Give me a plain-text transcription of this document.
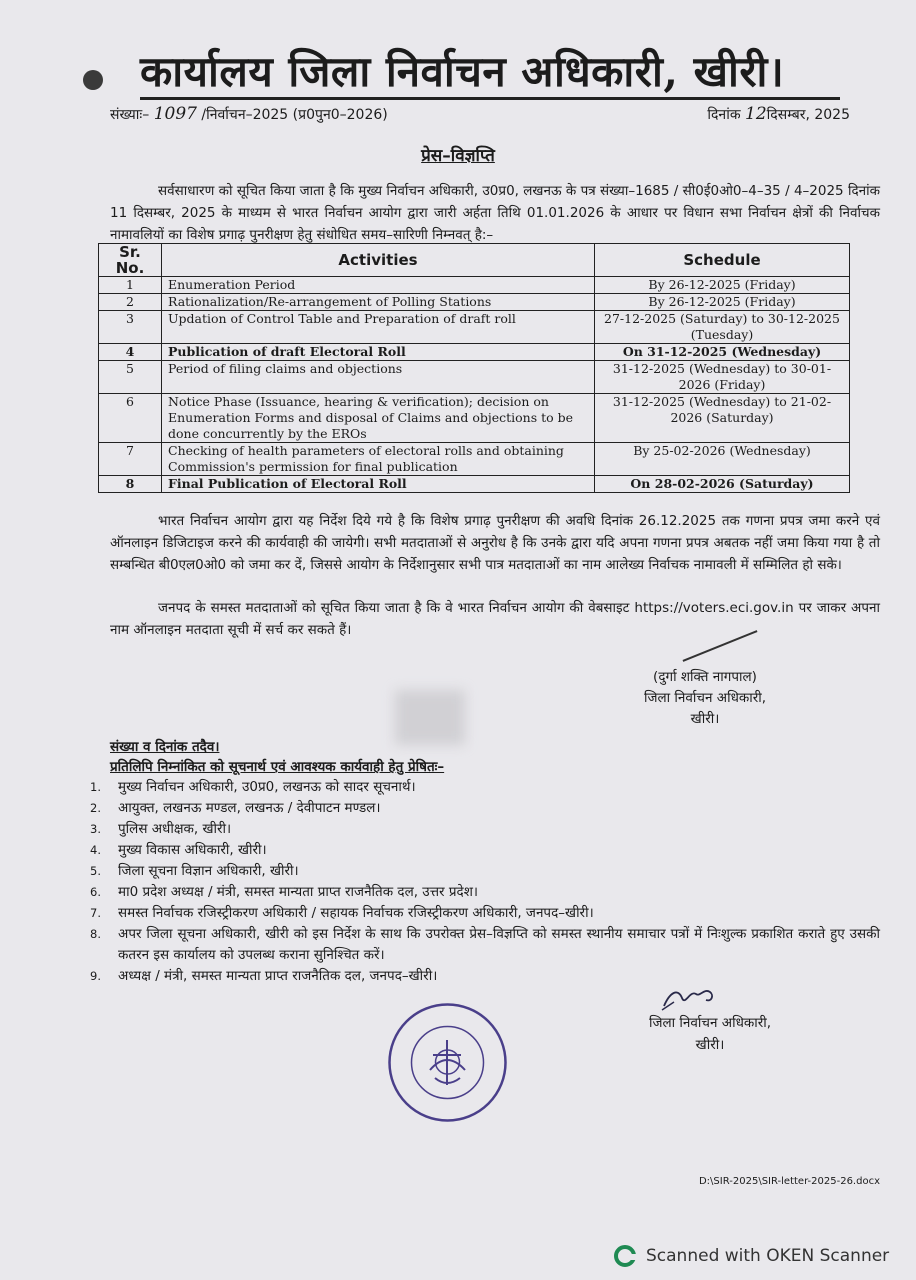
कार्यालय जिला निर्वाचन अधिकारी, खीरी।
संख्याः– 1097 /निर्वाचन–2025 (प्र0पुन0–2026)	दिनांक 12दिसम्बर, 2025
प्रेस–विज्ञप्ति
सर्वसाधारण को सूचित किया जाता है कि मुख्य निर्वाचन अधिकारी, उ0प्र0, लखनऊ के पत्र संख्या–1685 / सी0ई0ओ0–4–35 / 4–2025 दिनांक 11 दिसम्बर, 2025 के माध्यम से भारत निर्वाचन आयोग द्वारा जारी अर्हता तिथि 01.01.2026 के आधार पर विधान सभा निर्वाचन क्षेत्रों की निर्वाचक नामावलियों का विशेष प्रगाढ़ पुनरीक्षण हेतु संधोधित समय–सारिणी निम्नवत् है:–
Sr. No.	Activities	Schedule
1	Enumeration Period	By 26-12-2025 (Friday)
2	Rationalization/Re-arrangement of Polling Stations	By 26-12-2025 (Friday)
3	Updation of Control Table and Preparation of draft roll	27-12-2025 (Saturday) to 30-12-2025 (Tuesday)
4	Publication of draft Electoral Roll	On 31-12-2025 (Wednesday)
5	Period of filing claims and objections	31-12-2025 (Wednesday) to 30-01-2026 (Friday)
6	Notice Phase (Issuance, hearing & verification); decision on Enumeration Forms and disposal of Claims and objections to be done concurrently by the EROs	31-12-2025 (Wednesday) to 21-02-2026 (Saturday)
7	Checking of health parameters of electoral rolls and obtaining Commission's permission for final publication	By 25-02-2026 (Wednesday)
8	Final Publication of Electoral Roll	On 28-02-2026 (Saturday)
भारत निर्वाचन आयोग द्वारा यह निर्देश दिये गये है कि विशेष प्रगाढ़ पुनरीक्षण की अवधि दिनांक 26.12.2025 तक गणना प्रपत्र जमा करने एवं ऑनलाइन डिजिटाइज करने की कार्यवाही की जायेगी। सभी मतदाताओं से अनुरोध है कि उनके द्वारा यदि अपना गणना प्रपत्र अबतक नहीं जमा किया गया है तो सम्बन्धित बी0एल0ओ0 को जमा कर दें, जिससे आयोग के निर्देशानुसार सभी पात्र मतदाताओं का नाम आलेख्य निर्वाचक नामावली में सम्मिलित हो सके।
जनपद के समस्त मतदाताओं को सूचित किया जाता है कि वे भारत निर्वाचन आयोग की वेबसाइट https://voters.eci.gov.in पर जाकर अपना नाम ऑनलाइन मतदाता सूची में सर्च कर सकते हैं।
(दुर्गा शक्ति नागपाल)
जिला निर्वाचन अधिकारी,
खीरी।
संख्या व दिनांक तदैव।
प्रतिलिपि निम्नांकित को सूचनार्थ एवं आवश्यक कार्यवाही हेतु प्रेषितः–
1.	मुख्य निर्वाचन अधिकारी, उ0प्र0, लखनऊ को सादर सूचनार्थ।
2.	आयुक्त, लखनऊ मण्डल, लखनऊ / देवीपाटन मण्डल।
3.	पुलिस अधीक्षक, खीरी।
4.	मुख्य विकास अधिकारी, खीरी।
5.	जिला सूचना विज्ञान अधिकारी, खीरी।
6.	मा0 प्रदेश अध्यक्ष / मंत्री, समस्त मान्यता प्राप्त राजनैतिक दल, उत्तर प्रदेश।
7.	समस्त निर्वाचक रजिस्ट्रीकरण अधिकारी / सहायक निर्वाचक रजिस्ट्रीकरण अधिकारी, जनपद–खीरी।
8.	अपर जिला सूचना अधिकारी, खीरी को इस निर्देश के साथ कि उपरोक्त प्रेस–विज्ञप्ति को समस्त स्थानीय समाचार पत्रों में निःशुल्क प्रकाशित कराते हुए उसकी कतरन इस कार्यालय को उपलब्ध कराना सुनिश्चित करें।
9.	अध्यक्ष / मंत्री, समस्त मान्यता प्राप्त राजनैतिक दल, जनपद–खीरी।
जिला निर्वाचन अधिकारी,
खीरी।
D:\SIR-2025\SIR-letter-2025-26.docx
Scanned with OKEN Scanner
